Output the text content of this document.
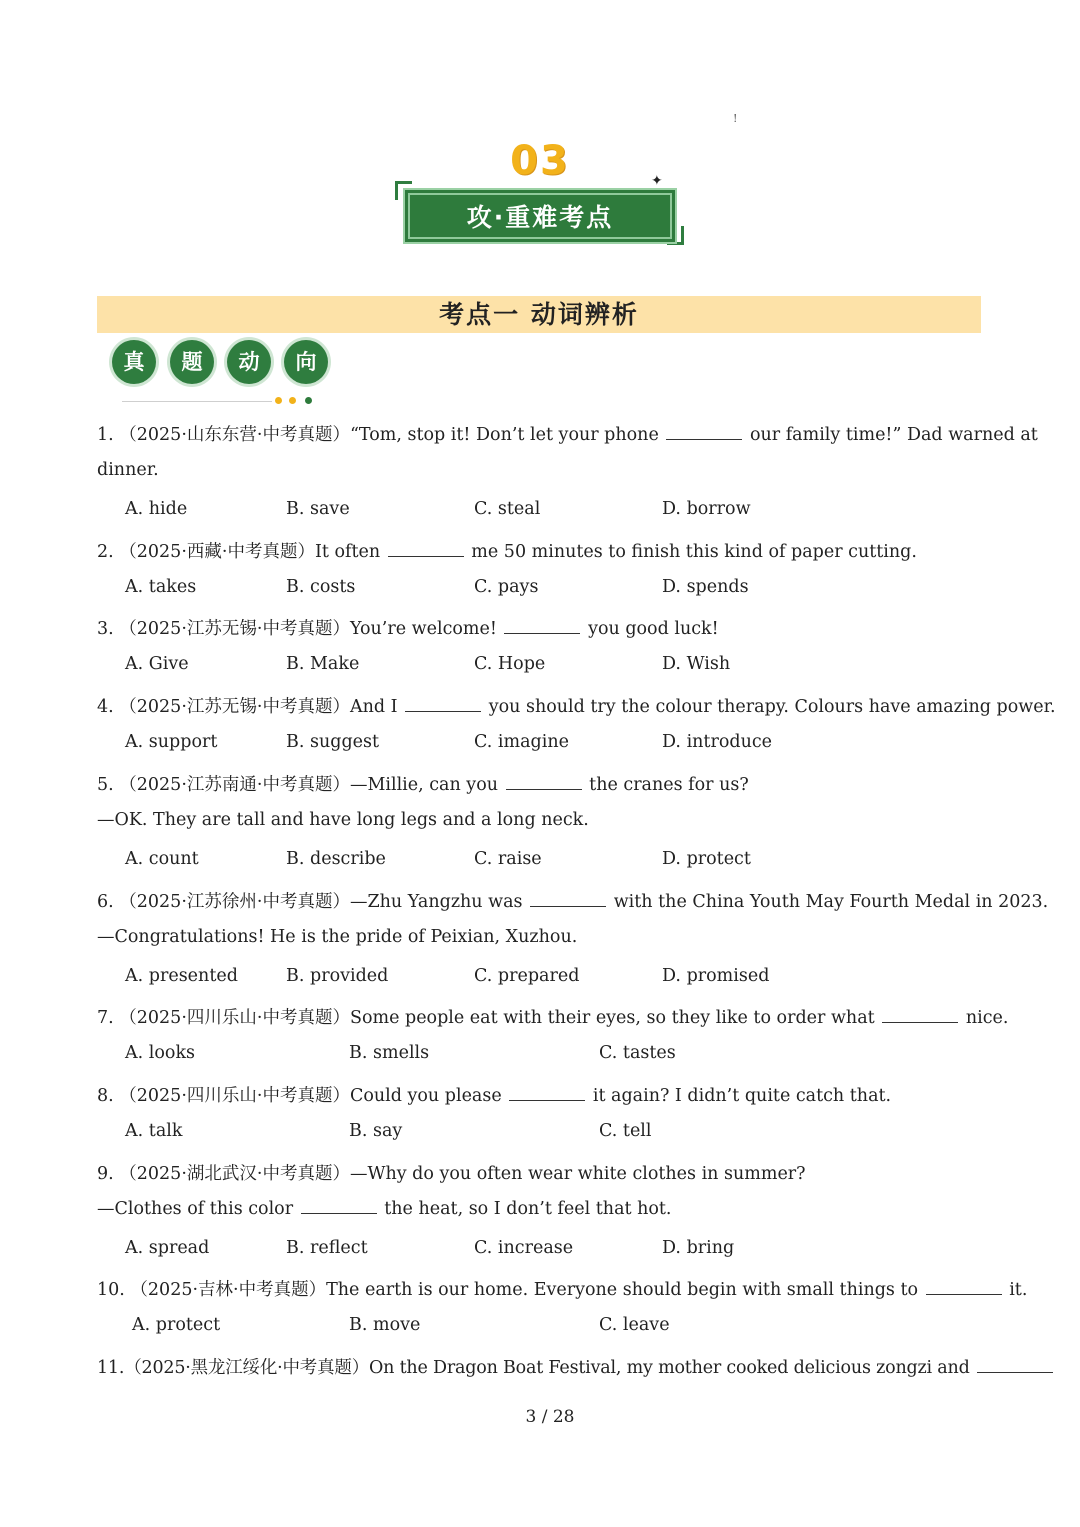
!
03
攻·重难考点
✦
考点一 动词辨析
真	题	动	向
1. （2025·山东东营·中考真题）“Tom, stop it! Don’t let your phone	our family time!” Dad warned at
dinner.
A. hide	B. save	C. steal	D. borrow
2. （2025·西藏·中考真题）It often	me 50 minutes to finish this kind of paper cutting.
A. takes	B. costs	C. pays	D. spends
3. （2025·江苏无锡·中考真题）You’re welcome!	you good luck!
A. Give	B. Make	C. Hope	D. Wish
4. （2025·江苏无锡·中考真题）And I	you should try the colour therapy. Colours have amazing power.
A. support	B. suggest	C. imagine	D. introduce
5. （2025·江苏南通·中考真题）—Millie, can you	the cranes for us?
—OK. They are tall and have long legs and a long neck.
A. count	B. describe	C. raise	D. protect
6. （2025·江苏徐州·中考真题）—Zhu Yangzhu was	with the China Youth May Fourth Medal in 2023.
—Congratulations! He is the pride of Peixian, Xuzhou.
A. presented	B. provided	C. prepared	D. promised
7. （2025·四川乐山·中考真题）Some people eat with their eyes, so they like to order what	nice.
A. looks	B. smells	C. tastes
8. （2025·四川乐山·中考真题）Could you please	it again? I didn’t quite catch that.
A. talk	B. say	C. tell
9. （2025·湖北武汉·中考真题）—Why do you often wear white clothes in summer?
—Clothes of this color	the heat, so I don’t feel that hot.
A. spread	B. reflect	C. increase	D. bring
10. （2025·吉林·中考真题）The earth is our home. Everyone should begin with small things to	it.
A. protect	B. move	C. leave
11.（2025·黑龙江绥化·中考真题）On the Dragon Boat Festival, my mother cooked delicious zongzi and
3 / 28
